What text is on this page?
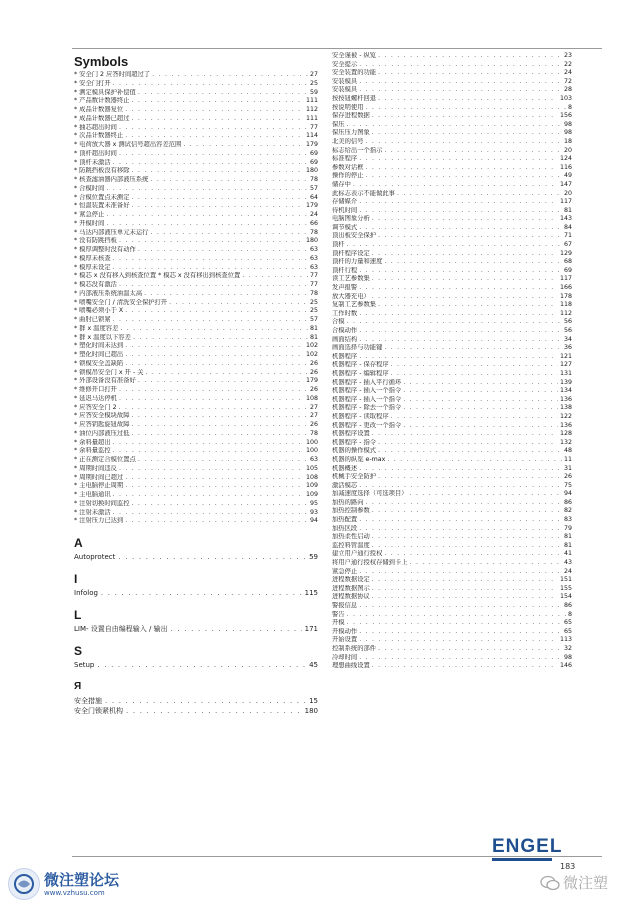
Symbols
* 安全门 2 应答时间超过了 . . .	27
* 安全门打开 . . .	25
* 测定模具保护补偿值 . . .	59
* 产品数计数器终止 . . .	111
* 成品计数器复位 . . .	112
* 成品计数器已超过 . . .	111
* 抽芯超出时间 . . .	77
* 次品计数器终止 . . .	114
* 电荷放大器 x 测试信号超出容差范围 . . .	179
* 顶杆超出时间 . . .	69
* 顶杆未激活 . . .	69
* 防跳挡板没有移除 . . .	180
* 核查滤油器内部液压系统 . . .	78
* 合模时间 . . .	57
* 合模位置点未测定 . . .	64
* 恒温装置未准备好 . . .	179
* 紧急停止 . . .	24
* 开模时间 . . .	66
* 马达内部液压单元未运行 . . .	78
* 没有防跳挡板 . . .	180
* 模厚调整时没有动作 . . .	63
* 模厚未核查 . . .	63
* 模厚未设定 . . .	63
* 模芯 x 没有移入到核查位置 * 模芯 x 没有移出到核查位置 . . .	77
* 模芯没有激活 . . .	77
* 内部液压系统油温太高 . . .	78
* 喷嘴安全门 / 清洗安全保护打开 . . .	25
* 喷嘴必须小于 X . . .	25
* 曲肘已锁紧 . . .	57
* 群 x 温度容差 . . .	81
* 群 x 温度以下容差 . . .	81
* 塑化时间未达到 . . .	102
* 塑化时间已超出 . . .	102
* 锁模安全盖缺陷 . . .	26
* 锁模吊安全门 x 开 - 关 . . .	26
* 外部设备没有准备好 . . .	179
* 维修开口打开 . . .	26
* 延迟马达停机 . . .	108
* 应答安全门 2 . . .	27
* 应答安全模块故障 . . .	27
* 应答钥匙旋钮故障 . . .	26
* 油位内部液压过低 . . .	78
* 余料量超出 . . .	100
* 余料量监控 . . .	100
* 正在测定合模位置点 . . .	63
* 周期时间违反 . . .	105
* 周期时间已超过 . . .	108
* 主电脑停止周期 . . .	109
* 主电脑通讯 . . .	109
* 注射切换时间监控 . . .	95
* 注射未激活 . . .	93
* 注射压力已达到 . . .	94
A
Autoprotect . . .	59
I
Infolog . . .	115
L
LIM- 设置自由编程输入 / 输出 . . .	171
S
Setup . . .	45
Я
安全措施 . . .	15
安全门锁紧机构 . . .	180
安全谨被 - 纵览 . . .	23
安全提示 . . .	22
安全装置的功能 . . .	24
安装模具 . . .	72
安装模具 . . .	28
按按钮螺杆回退 . . .	103
按说明使用 . . .	8
保存进程数据 . . .	156
保压 . . .	98
保压压力图象 . . .	98
北美的信号 . . .	18
标志给出一个指示 . . .	20
标准程序 . . .	124
参数对话框 . . .	116
操作的停止 . . .	49
储存中 . . .	147
此标志表示不能做此事 . . .	20
存储媒介 . . .	117
待机时间 . . .	81
电脑图象分析 . . .	143
调节模式 . . .	84
顶出板安全保护 . . .	71
顶杆 . . .	67
顶杆程序设定 . . .	129
顶杆的力量和速度 . . .	68
顶杆行程 . . .	69
读工艺参数集 . . .	117
发声报警 . . .	166
放大器充电） . . .	178
复制工艺参数集 . . .	118
工作时数 . . .	112
合模 . . .	56
合模动作 . . .	56
画面结构 . . .	34
画面选择与功能键 . . .	36
机器程序 . . .	121
机器程序 - 保存程序 . . .	127
机器程序 - 编辑程序 . . .	131
机器程序 - 插入平行循环 . . .	139
机器程序 - 插入一个指令 . . .	134
机器程序 - 插入一个指令 . . .	136
机器程序 - 除去一个指令 . . .	138
机器程序 - 读取程序 . . .	122
机器程序 - 更改一个指令 . . .	136
机器程序设置 . . .	128
机器程序 - 指令 . . .	132
机器的操作模式 . . .	48
机器的纵览 e-max . . .	11
机器概述 . . .	31
机械手安全防护 . . .	26
激活模芯 . . .	75
加减速度选择（可选项目） . . .	94
加热的路向 . . .	86
加热控制参数 . . .	82
加热配置 . . .	83
加热区段 . . .	79
加热柔性启动 . . .	81
监控料管温度 . . .	81
建立用户通行授权 . . .	41
将用户通行授权存储到卡上 . . .	43
紧急停止 . . .	24
进程数据设定 . . .	151
进程数据图示 . . .	155
进程数据协议 . . .	154
警报信息 . . .	86
警告 . . .	8
开模 . . .	65
开模动作 . . .	65
开始设置 . . .	113
控制系统的部件 . . .	32
冷却时间 . . .	98
理想曲线设置 . . .	146
ENGEL
183
微注塑论坛
www.vzhusu.com
微注塑
